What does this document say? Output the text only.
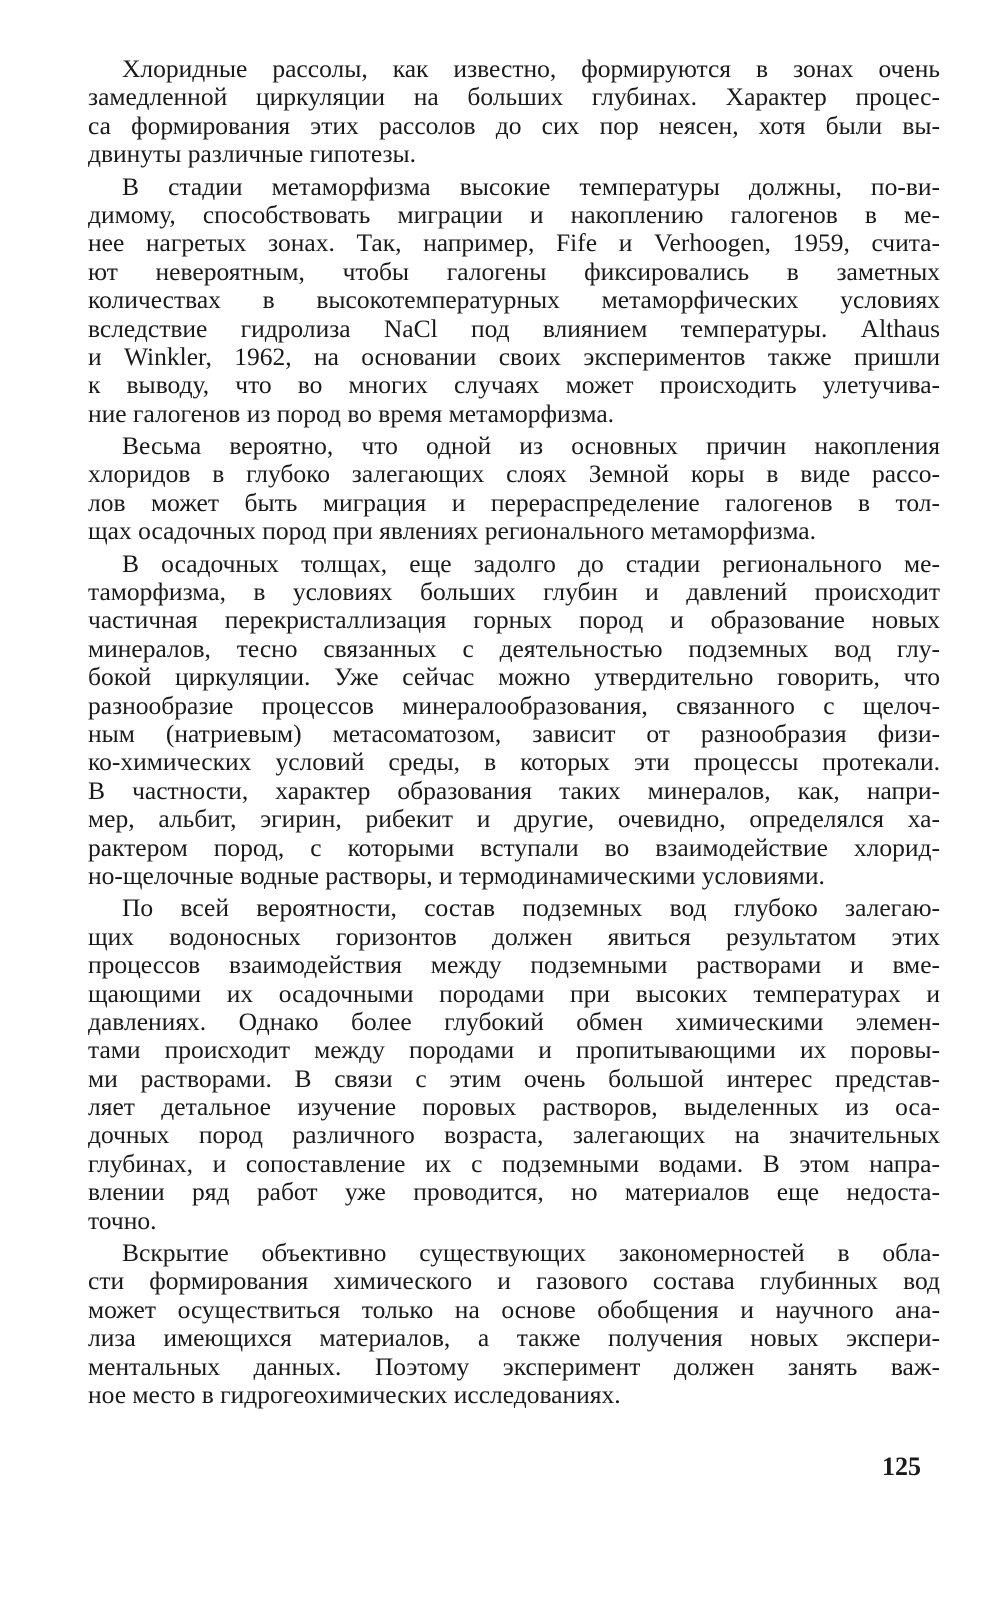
Хлоридные рассолы, как известно, формируются в зонах очень
замедленной циркуляции на больших глубинах. Характер процес-
са формирования этих рассолов до сих пор неясен, хотя были вы-
двинуты различные гипотезы.

В стадии метаморфизма высокие температуры должны, по-ви-
димому, способствовать миграции и накоплению галогенов в ме-
нее нагретых зонах. Так, например, Fife и Verhoogen, 1959, счита-
ют невероятным, чтобы галогены фиксировались в заметных
количествах в высокотемпературных метаморфических условиях
вследствие гидролиза NaCl под влиянием температуры. Althaus
и Winkler, 1962, на основании своих экспериментов также пришли
к выводу, что во многих случаях может происходить улетучива-
ние галогенов из пород во время метаморфизма.

Весьма вероятно, что одной из основных причин накопления
хлоридов в глубоко залегающих слоях Земной коры в виде рассо-
лов может быть миграция и перераспределение галогенов в тол-
щах осадочных пород при явлениях регионального метаморфизма.

В осадочных толщах, еще задолго до стадии регионального ме-
таморфизма, в условиях больших глубин и давлений происходит
частичная перекристаллизация горных пород и образование новых
минералов, тесно связанных с деятельностью подземных вод глу-
бокой циркуляции. Уже сейчас можно утвердительно говорить, что
разнообразие процессов минералообразования, связанного с щелоч-
ным (натриевым) метасоматозом, зависит от разнообразия физи-
ко-химических условий среды, в которых эти процессы протекали.
В частности, характер образования таких минералов, как, напри-
мер, альбит, эгирин, рибекит и другие, очевидно, определялся ха-
рактером пород, с которыми вступали во взаимодействие хлорид-
но-щелочные водные растворы, и термодинамическими условиями.

По всей вероятности, состав подземных вод глубоко залегаю-
щих водоносных горизонтов должен явиться результатом этих
процессов взаимодействия между подземными растворами и вме-
щающими их осадочными породами при высоких температурах и
давлениях. Однако более глубокий обмен химическими элемен-
тами происходит между породами и пропитывающими их поровы-
ми растворами. В связи с этим очень большой интерес представ-
ляет детальное изучение поровых растворов, выделенных из оса-
дочных пород различного возраста, залегающих на значительных
глубинах, и сопоставление их с подземными водами. В этом напра-
влении ряд работ уже проводится, но материалов еще недоста-
точно.

Вскрытие объективно существующих закономерностей в обла-
сти формирования химического и газового состава глубинных вод
может осуществиться только на основе обобщения и научного ана-
лиза имеющихся материалов, а также получения новых экспери-
ментальных данных. Поэтому эксперимент должен занять важ-
ное место в гидрогеохимических исследованиях.

125
